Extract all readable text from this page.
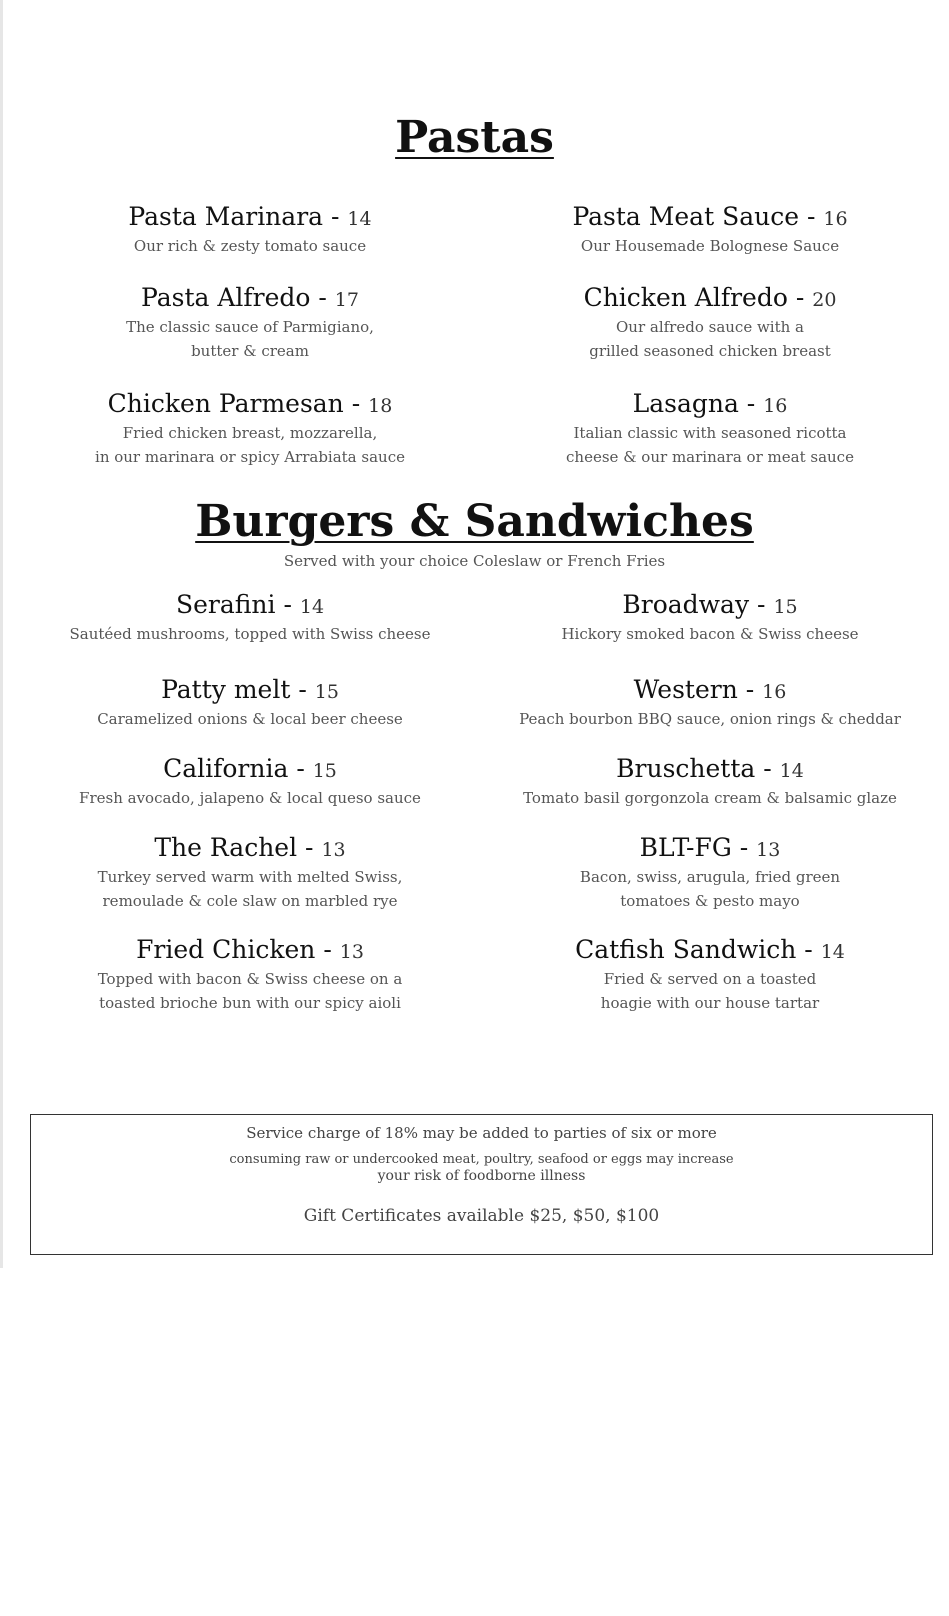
Pastas
Pasta Marinara - 14
Our rich & zesty tomato sauce
Pasta Meat Sauce - 16
Our Housemade Bolognese Sauce
Pasta Alfredo - 17
The classic sauce of Parmigiano,
butter & cream
Chicken Alfredo - 20
Our alfredo sauce with a
grilled seasoned chicken breast
Chicken Parmesan - 18
Fried chicken breast, mozzarella,
in our marinara or spicy Arrabiata sauce
Lasagna - 16
Italian classic with seasoned ricotta
cheese & our marinara or meat sauce
Burgers & Sandwiches
Served with your choice Coleslaw or French Fries
Serafini - 14
Sautéed mushrooms, topped with Swiss cheese
Broadway - 15
Hickory smoked bacon & Swiss cheese
Patty melt - 15
Caramelized onions & local beer cheese
Western - 16
Peach bourbon BBQ sauce, onion rings & cheddar
California - 15
Fresh avocado, jalapeno & local queso sauce
Bruschetta - 14
Tomato basil gorgonzola cream & balsamic glaze
The Rachel - 13
Turkey served warm with melted Swiss,
remoulade & cole slaw on marbled rye
BLT-FG - 13
Bacon, swiss, arugula, fried green
tomatoes & pesto mayo
Fried Chicken - 13
Topped with bacon & Swiss cheese on a
toasted brioche bun with our spicy aioli
Catfish Sandwich - 14
Fried & served on a toasted
hoagie with our house tartar
Service charge of 18% may be added to parties of six or more
consuming raw or undercooked meat, poultry, seafood or eggs may increase
your risk of foodborne illness
Gift Certificates available $25, $50, $100
